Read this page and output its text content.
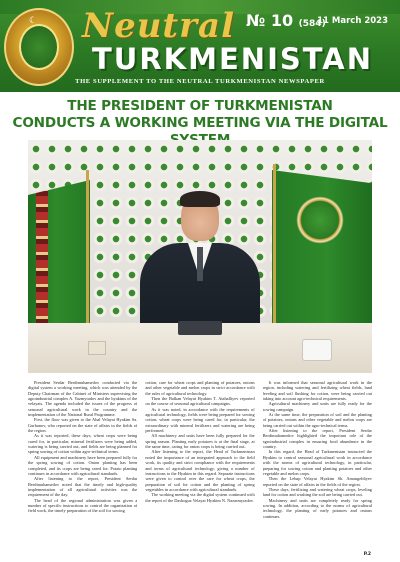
☾ Neutral № 10 (584)
11 March 2023
TURKMENISTAN
THE SUPPLEMENT TO THE NEUTRAL TURKMENISTAN NEWSPAPER
THE PRESIDENT OF TURKMENISTAN
CONDUCTS A WORKING MEETING VIA THE DIGITAL

President Serdar Berdimuhamedov conducted via the digital system a working meeting, which was attended by the Deputy Chairman of the Cabinet of Ministers supervising the agroindustrial complex A. Yazmyradov and the hyakims of the velayats. The agenda included the issues of the progress of seasonal agricultural work in the country and the implementation of the National Rural Programme.

First, the floor was given to the Ahal Velayat Hyakim Sa. Gurbanov, who reported on the state of affairs in the fields of the region.

As it was reported, these days, wheat crops were being cared for, in particular, mineral fertilizers were being added, watering is being carried out, and fields are being planned for spring sowing of cotton within agro-technical terms.

All equipment and machinery have been prepared fully for the spring sowing of cotton. Onion planting has been completed, and its crops are being cared for. Potato planting continues in accordance with agricultural standards.

After listening to the report, President Serdar Berdimuhamedov noted that the timely and high-quality implementation of all agricultural activities was the requirement of the day.

The head of the regional administration was given a number of specific instructions to control the organization of field work, the timely preparation of the soil for sowing

cotton, care for wheat crops and planting of potatoes, onions and other vegetable and melon crops in strict accordance with the rules of agricultural technology.

Then the Balkan Velayat Hyakim T. Atahalliyev reported on the course of seasonal agricultural campaigns.

As it was noted, in accordance with the requirements of agricultural technology, fields were being prepared for sowing cotton, wheat crops were being cared for, in particular, the extraordinary with mineral fertilizers and watering are being performed.

All machinery and units have been fully prepared for the spring season. Planting early potatoes is at the final stage, at the same time, caring for onion crops is being carried out.

After listening to the report, the Head of Turkmenistan noted the importance of an integrated approach to the field work, its quality and strict compliance with the requirements and terms of agricultural technology, giving a number of instructions to the Hyakim in this regard. Separate instructions were given to control over the care for wheat crops, the preparation of soil for cotton and the planting of spring vegetables in accordance with agricultural standards.

The working meeting via the digital system continued with the report of the Dashoguz Velayat Hyakim N. Nazarmyradov.

It was informed that seasonal agricultural work in the region, including watering and fertilizing wheat fields, land leveling and soil flushing for cotton, were being carried out taking into account agro-technical requirements.

Agricultural machinery and units are fully ready for the sowing campaign.

At the same time, the preparation of soil and the planting of potatoes, onions and other vegetable and melon crops are being carried out within the agro-technical terms.

After listening to the report, President Serdar Berdimuhamedov highlighted the important role of the agroindustrial complex in ensuring food abundance in the country.

In this regard, the Head of Turkmenistan instructed the Hyakim to control seasonal agricultural work in accordance with the norms of agricultural technology, in particular, preparing for sowing cotton and planting potatoes and other vegetable and melon crops.

Then the Lebap Velayat Hyakim Sh. Amangeldiyev reported on the state of affairs in the fields of the region.

These days, fertilizing and watering wheat crops, leveling land for cotton and washing the soil are being carried out.

Machinery and units are completely ready for spring sowing. In addition, according to the norms of agricultural technology, the planting of early potatoes and onions continues.

P.2
